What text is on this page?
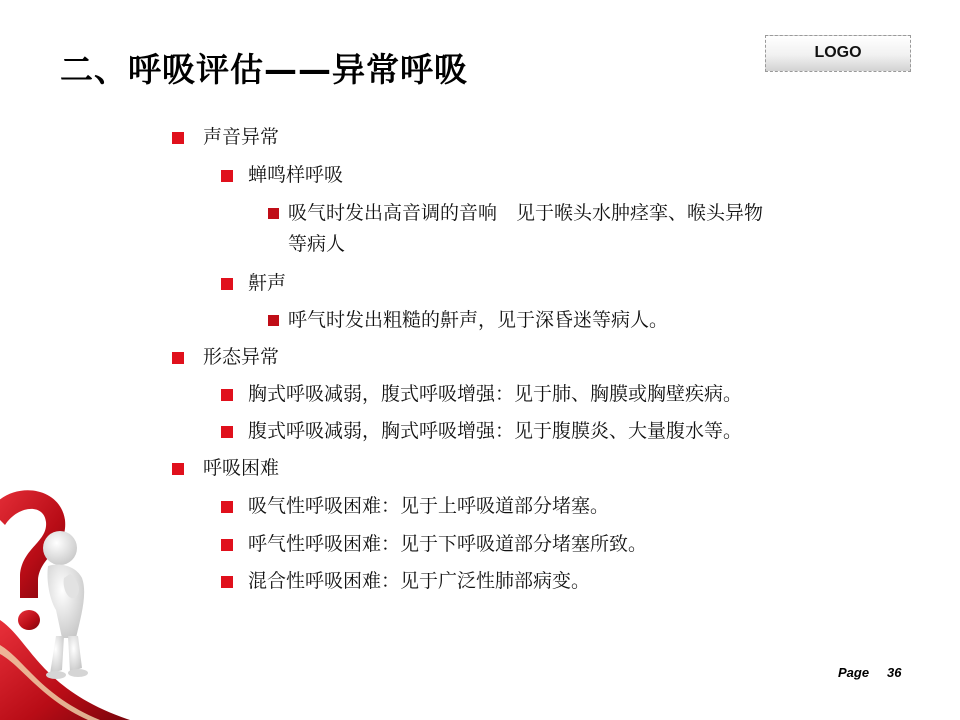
二、呼吸评估——异常呼吸	LOGO
声音异常
蝉鸣样呼吸
吸气时发出高音调的音响　见于喉头水肿痉挛、喉头异物
等病人
鼾声
呼气时发出粗糙的鼾声，见于深昏迷等病人。
形态异常
胸式呼吸减弱，腹式呼吸增强：见于肺、胸膜或胸壁疾病。
腹式呼吸减弱，胸式呼吸增强：见于腹膜炎、大量腹水等。
呼吸困难
吸气性呼吸困难：见于上呼吸道部分堵塞。
呼气性呼吸困难：见于下呼吸道部分堵塞所致。
混合性呼吸困难：见于广泛性肺部病变。
Page 36
